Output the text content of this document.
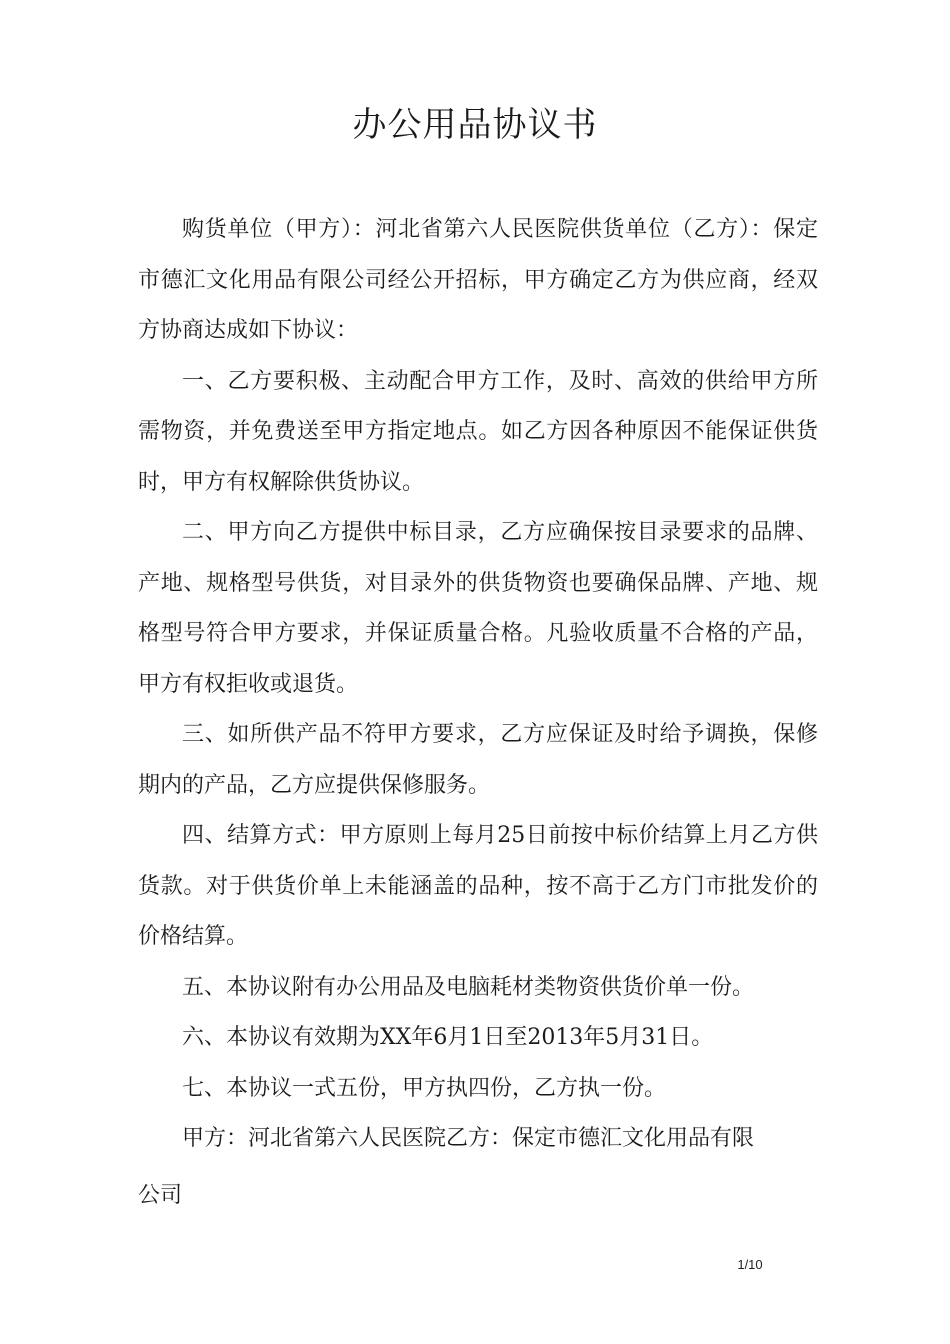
办公用品协议书

购货单位（甲方）：河北省第六人民医院供货单位（乙方）：保定市德汇文化用品有限公司经公开招标，甲方确定乙方为供应商，经双方协商达成如下协议：

一、乙方要积极、主动配合甲方工作，及时、高效的供给甲方所需物资，并免费送至甲方指定地点。如乙方因各种原因不能保证供货时，甲方有权解除供货协议。

二、甲方向乙方提供中标目录，乙方应确保按目录要求的品牌、产地、规格型号供货，对目录外的供货物资也要确保品牌、产地、规格型号符合甲方要求，并保证质量合格。凡验收质量不合格的产品，甲方有权拒收或退货。

三、如所供产品不符甲方要求，乙方应保证及时给予调换，保修期内的产品，乙方应提供保修服务。

四、结算方式：甲方原则上每月25日前按中标价结算上月乙方供货款。对于供货价单上未能涵盖的品种，按不高于乙方门市批发价的价格结算。

五、本协议附有办公用品及电脑耗材类物资供货价单一份。

六、本协议有效期为XX年6月1日至2013年5月31日。

七、本协议一式五份，甲方执四份，乙方执一份。

甲方：河北省第六人民医院乙方：保定市德汇文化用品有限

公司

1/10
